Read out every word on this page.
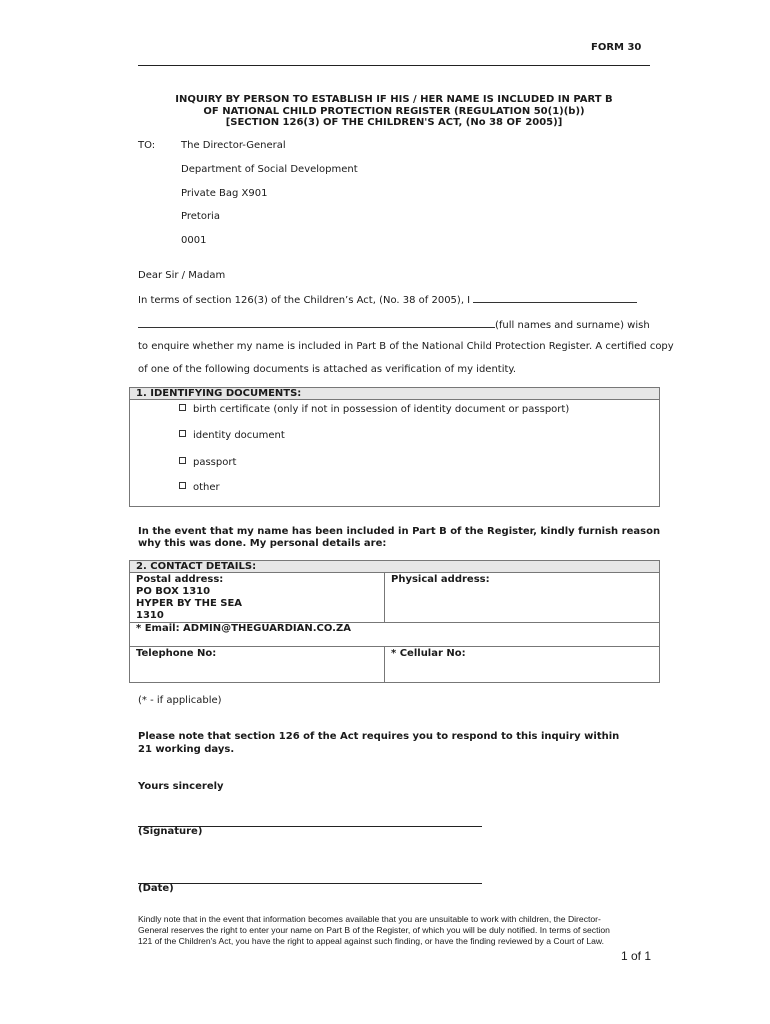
FORM 30
INQUIRY BY PERSON TO ESTABLISH IF HIS / HER NAME IS INCLUDED IN PART B
OF NATIONAL CHILD PROTECTION REGISTER (REGULATION 50(1)(b))
[SECTION 126(3) OF THE CHILDREN'S ACT, (No 38 OF 2005)]
TO:	The Director-General
Department of Social Development
Private Bag X901
Pretoria
0001
Dear Sir / Madam
In terms of section 126(3) of the Children’s Act, (No. 38 of 2005), I
(full names and surname) wish
to enquire whether my name is included in Part B of the National Child Protection Register. A certified copy
of one of the following documents is attached as verification of my identity.
1. IDENTIFYING DOCUMENTS:
birth certificate (only if not in possession of identity document or passport)
identity document
passport
other
In the event that my name has been included in Part B of the Register, kindly furnish reason
why this was done. My personal details are:
2. CONTACT DETAILS:
Postal address:
PO BOX 1310
HYPER BY THE SEA
1310
Physical address:
* Email: ADMIN@THEGUARDIAN.CO.ZA
Telephone No:	* Cellular No:
(* - if applicable)
Please note that section 126 of the Act requires you to respond to this inquiry within
21 working days.
Yours sincerely
(Signature)
(Date)
Kindly note that in the event that information becomes available that you are unsuitable to work with children, the Director-
General reserves the right to enter your name on Part B of the Register, of which you will be duly notified. In terms of section
121 of the Children's Act, you have the right to appeal against such finding, or have the finding reviewed by a Court of Law.
1 of 1
